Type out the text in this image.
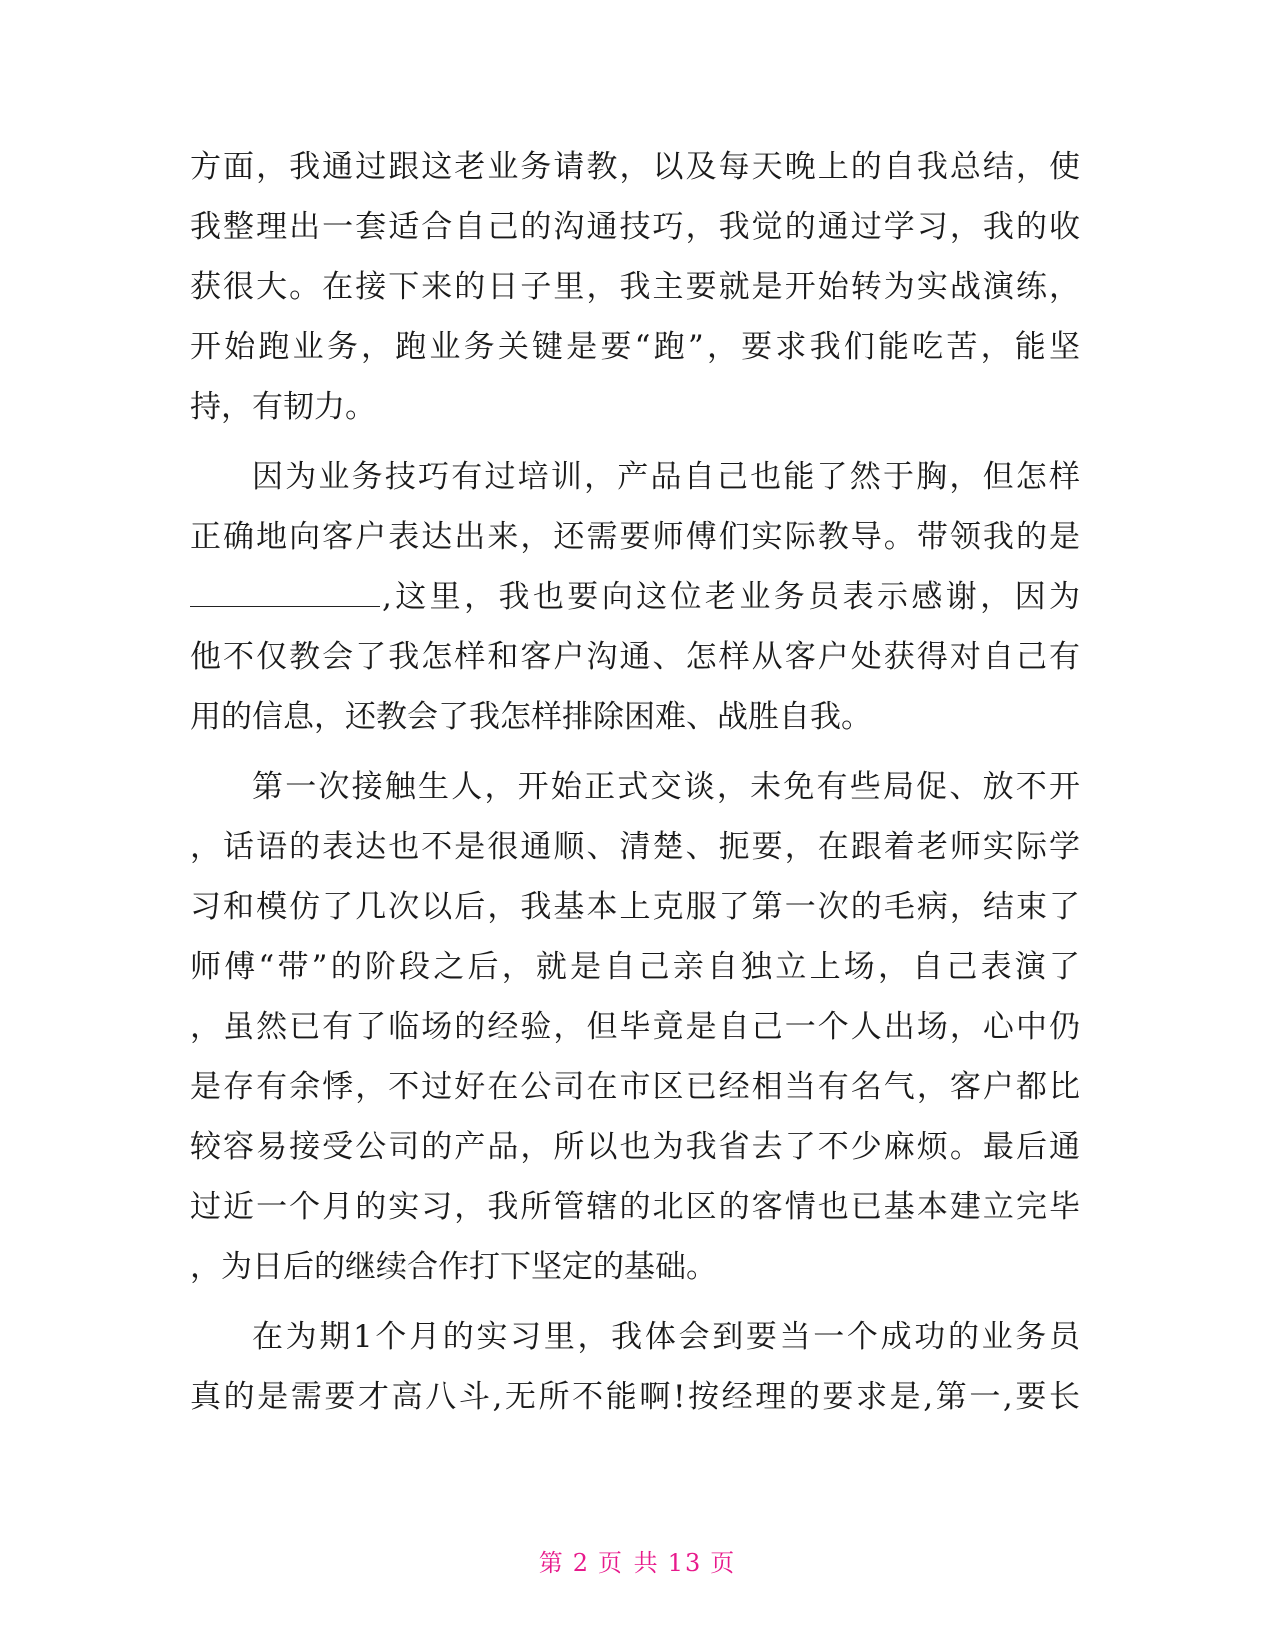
方面，我通过跟这老业务请教，以及每天晚上的自我总结，使
我整理出一套适合自己的沟通技巧，我觉的通过学习，我的收
获很大。在接下来的日子里，我主要就是开始转为实战演练，
开始跑业务，跑业务关键是要“跑”，要求我们能吃苦，能坚
持，有韧力。
因为业务技巧有过培训，产品自己也能了然于胸，但怎样
正确地向客户表达出来，还需要师傅们实际教导。带领我的是
,这里，我也要向这位老业务员表示感谢，因为
他不仅教会了我怎样和客户沟通、怎样从客户处获得对自己有
用的信息，还教会了我怎样排除困难、战胜自我。
第一次接触生人，开始正式交谈，未免有些局促、放不开
，话语的表达也不是很通顺、清楚、扼要，在跟着老师实际学
习和模仿了几次以后，我基本上克服了第一次的毛病，结束了
师傅“带”的阶段之后，就是自己亲自独立上场，自己表演了
，虽然已有了临场的经验，但毕竟是自己一个人出场，心中仍
是存有余悸，不过好在公司在市区已经相当有名气，客户都比
较容易接受公司的产品，所以也为我省去了不少麻烦。最后通
过近一个月的实习，我所管辖的北区的客情也已基本建立完毕
，为日后的继续合作打下坚定的基础。
在为期1个月的实习里，我体会到要当一个成功的业务员
真的是需要才高八斗,无所不能啊!按经理的要求是,第一,要长
第 2 页 共 13 页
